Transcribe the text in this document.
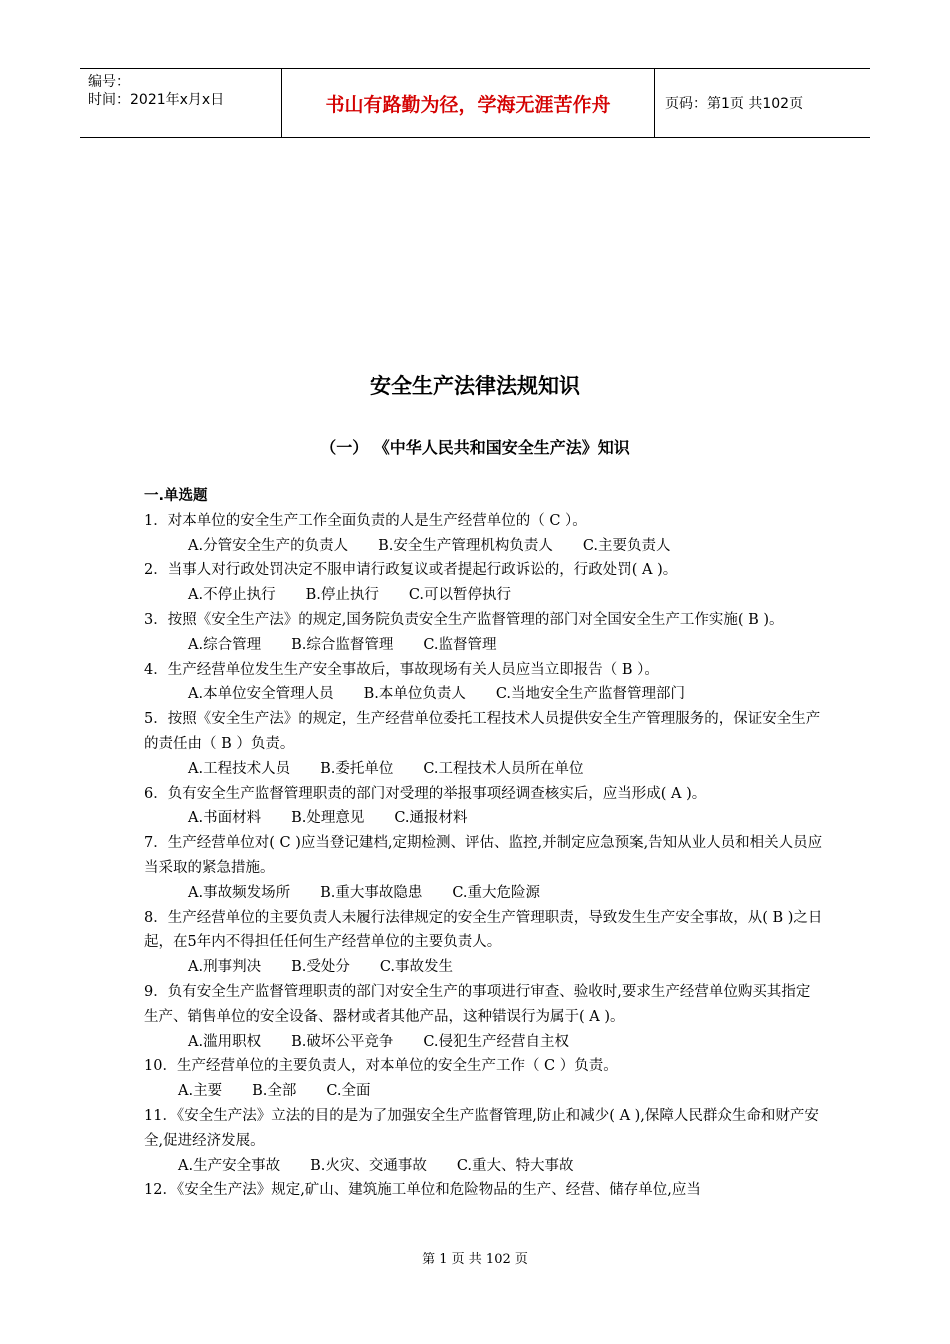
编号：
时间：2021年x月x日	书山有路勤为径，学海无涯苦作舟	页码：第1页 共102页
安全生产法律法规知识
（一） 《中华人民共和国安全生产法》知识
一.单选题
1．对本单位的安全生产工作全面负责的人是生产经营单位的（ C ）。
A.分管安全生产的负责人 B.安全生产管理机构负责人 C.主要负责人
2．当事人对行政处罚决定不服申请行政复议或者提起行政诉讼的，行政处罚( A )。
A.不停止执行 B.停止执行 C.可以暂停执行
3．按照《安全生产法》的规定,国务院负责安全生产监督管理的部门对全国安全生产工作实施( B )。
A.综合管理 B.综合监督管理 C.监督管理
4．生产经营单位发生生产安全事故后，事故现场有关人员应当立即报告（ B ）。
A.本单位安全管理人员 B.本单位负责人 C.当地安全生产监督管理部门
5．按照《安全生产法》的规定，生产经营单位委托工程技术人员提供安全生产管理服务的，保证安全生产的责任由（ B ）负责。
A.工程技术人员 B.委托单位 C.工程技术人员所在单位
6．负有安全生产监督管理职责的部门对受理的举报事项经调查核实后，应当形成( A )。
A.书面材料 B.处理意见 C.通报材料
7．生产经营单位对( C )应当登记建档,定期检测、评估、监控,并制定应急预案,告知从业人员和相关人员应当采取的紧急措施。
A.事故频发场所 B.重大事故隐患 C.重大危险源
8．生产经营单位的主要负责人未履行法律规定的安全生产管理职责，导致发生生产安全事故，从( B )之日起，在5年内不得担任任何生产经营单位的主要负责人。
A.刑事判决 B.受处分 C.事故发生
9．负有安全生产监督管理职责的部门对安全生产的事项进行审查、验收时,要求生产经营单位购买其指定生产、销售单位的安全设备、器材或者其他产品，这种错误行为属于( A )。
A.滥用职权 B.破坏公平竞争 C.侵犯生产经营自主权
10．生产经营单位的主要负责人，对本单位的安全生产工作（ C ）负责。
A.主要 B.全部 C.全面
11．《安全生产法》立法的目的是为了加强安全生产监督管理,防止和减少( A ),保障人民群众生命和财产安全,促进经济发展。
A.生产安全事故 B.火灾、交通事故 C.重大、特大事故
12．《安全生产法》规定,矿山、建筑施工单位和危险物品的生产、经营、储存单位,应当
第 1 页 共 102 页
